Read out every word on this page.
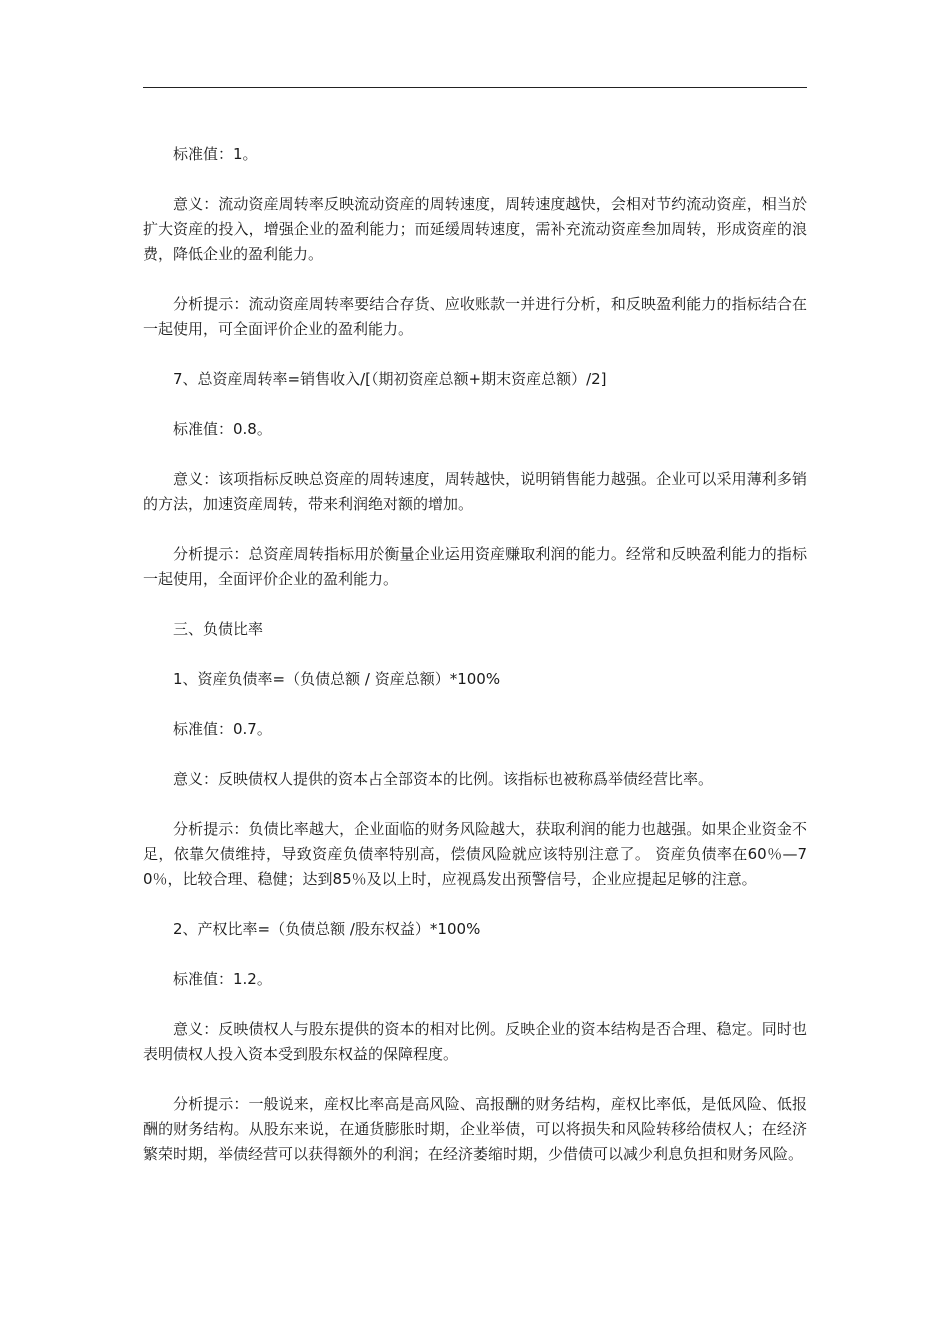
标准值：1。

意义：流动资産周转率反映流动资産的周转速度，周转速度越快，会相对节约流动资産，相当於扩大资産的投入，增强企业的盈利能力；而延缓周转速度，需补充流动资産叁加周转，形成资産的浪费，降低企业的盈利能力。

分析提示：流动资産周转率要结合存货、应收账款一并进行分析，和反映盈利能力的指标结合在一起使用，可全面评价企业的盈利能力。

7、总资産周转率=销售收入/[（期初资産总额+期末资産总额）/2]

标准值：0.8。

意义：该项指标反映总资産的周转速度，周转越快，说明销售能力越强。企业可以采用薄利多销的方法，加速资産周转，带来利润绝对额的增加。

分析提示：总资産周转指标用於衡量企业运用资産赚取利润的能力。经常和反映盈利能力的指标一起使用，全面评价企业的盈利能力。

三、负债比率

1、资産负债率=（负债总额 / 资産总额）*100%

标准值：0.7。

意义：反映债权人提供的资本占全部资本的比例。该指标也被称爲举债经营比率。

分析提示：负债比率越大，企业面临的财务风险越大，获取利润的能力也越强。如果企业资金不足，依靠欠债维持，导致资産负债率特别高，偿债风险就应该特别注意了。 资産负债率在60％—70％，比较合理、稳健；达到85％及以上时，应视爲发出预警信号，企业应提起足够的注意。

2、产权比率=（负债总额 /股东权益）*100%

标准值：1.2。

意义：反映债权人与股东提供的资本的相对比例。反映企业的资本结构是否合理、稳定。同时也表明债权人投入资本受到股东权益的保障程度。

分析提示：一般说来，産权比率高是高风险、高报酬的财务结构，産权比率低，是低风险、低报酬的财务结构。从股东来说，在通货膨胀时期，企业举债，可以将损失和风险转移给债权人；在经济繁荣时期，举债经营可以获得额外的利润；在经济萎缩时期，少借债可以减少利息负担和财务风险。
